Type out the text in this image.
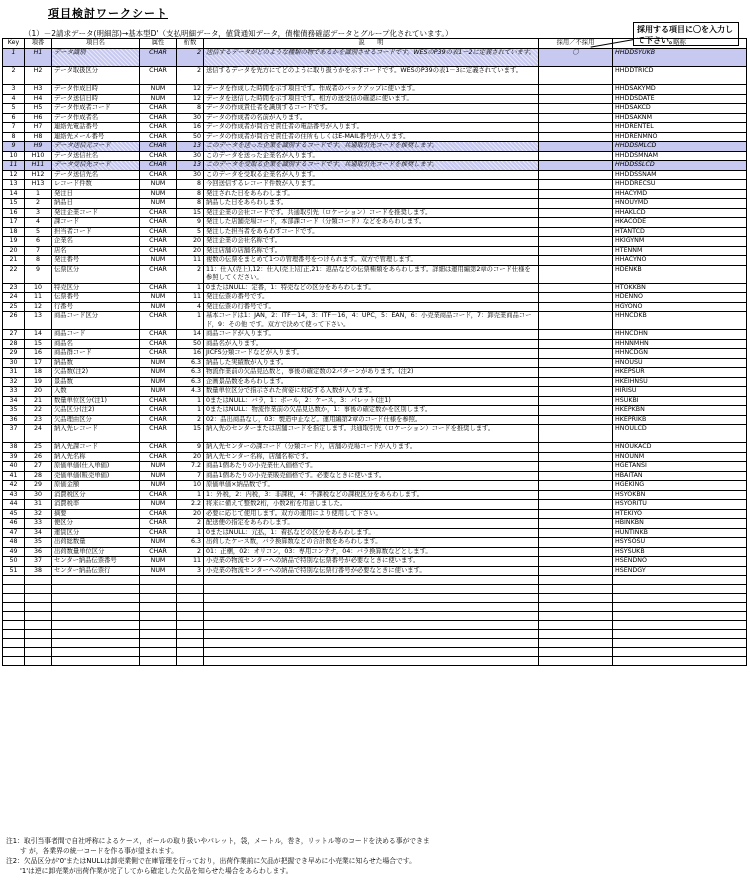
項目検討ワークシート
（1）－2請求データ(明細部)→基本型D'（支払明細データ，値貸通知データ，債権債務確認データとグループ化されています。）	採用する項目に〇を入力して下さい。
Key	項番	項目名	属性	桁数	説　　明	採用／不採用	略称
1	H1	データ識別	CHAR	2	送信するデータがどのような種類の物であるかを識別させるコードです。WESのP39の表1－2に定義されています。	〇	HHDDSYUKB
2	H2	データ取扱区分	CHAR	2	送信するデータを先方にてどのように取り扱うかを示すコードです。WESのP39の表1－3に定義されています。		HHDDTRICD
3	H3	データ作成日時	NUM	12	データを作成した時間を示す項目です。作成者のバックアップに使います。		HHDSAKYMD
4	H4	データ送信日時	NUM	12	データを送信した時間を示す項目です。相方の送受信の確認に使います。		HHDDSDATE
5	H5	データ作成者コード	CHAR	8	データの作成責任者を識別するコードです。		HHDSAKCD
6	H6	データ作成者名	CHAR	30	データの作成者の名前が入ります。		HHDSAKNM
7	H7	連絡先電話番号	CHAR	16	データの作成者が問合せ責任者の電話番号が入ります。		HHDRENTEL
8	H8	連絡先メール番号	CHAR	50	データの作成者が問合せ責任者の住所もしくはE-MAIL番号が入ります。		HHDRENMNO
9	H9	データ送信元コード	CHAR	13	このデータを送った企業を識別するコードです。共通取引先コードを推奨します。		HHDDSMLCD
10	H10	データ送信社名	CHAR	30	このデータを送った企業名が入ります。		HHDDSMNAM
11	H11	データ受信先コード	CHAR	13	このデータを受取る企業を識別するコードです。共通取引先コードを推奨します。		HHDDSSLCD
12	H12	データ送信先名	CHAR	30	このデータを受取る企業名が入ります。		HHDDSSNAM
13	H13	レコード件数	NUM	8	今回送信するレコード件数が入ります。		HHDDRECSU
14	1	発注日	NUM	8	発注された日をあらわします。		HHACYMD
15	2	納品日	NUM	8	納品した日をあらわします。		HNOUYMD
16	3	発注企業コード	CHAR	15	発注企業の会社コードです。共通取引先（ロケーション）コードを推奨します。		HHAKLCD
17	4	課コード	CHAR	9	発注した店舗売場コード，本部課コード（分類コード）などをあらわします。		HKACODE
18	5	担当者コード	CHAR	5	発注した担当者をあらわすコードです。		HTANTCD
19	6	企業名	CHAR	20	発注企業の会社名称です。		HKIGYNM
20	7	店名	CHAR	20	発注店舗の店舗名称です。		HTENNM
21	8	発注番号	NUM	11	複数の伝票をまとめて1つの管理番号をつけられます。双方で管理します。		HHACYNO
22	9	伝票区分	CHAR	2	11：仕入(売上),12：仕入(売上)訂正,21：返品などの伝票種類をあらわします。詳細は運用編第2章のコード仕様を参照してください。		HDENKB
23	10	特売区分	CHAR	1	0またはNULL：定番，1：特売などの区分をあらわします。		HTOKKBN
24	11	伝票番号	NUM	11	発注伝票の番号です。		HDENNO
25	12	行番号	NUM	4	発注伝票の行番号です。		HGYONO
26	13	商品コード区分	CHAR	1	基本コードは1：JAN，2：ITF－14，3：ITF－16，4：UPC，5：EAN，6：小売業商品コード，7：卸売業商品コード，9：その他 です。双方で決めて使って下さい。		HHNCDKB
27	14	商品コード	CHAR	14	商品コードが入ります。		HHNCDHN
28	15	商品名	CHAR	50	商品名が入ります。		HHNNMHN
29	16	商品群コード	CHAR	16	JICFS分類コードなどが入ります。		HHNCDGN
30	17	納品数	NUM	6.3	納品した実績数が入ります。		HNOUSU
31	18	欠品数(注2)	NUM	6.3	物流作業前の欠品見込数と，事後の確定数の2パターンがあります。(注2)		HKEPSUR
32	19	景品数	NUM	6.3	企画景品数をあらわします。		HKEIHNSU
33	20	入数	NUM	4.3	数量単位区分で指示された荷姿に対応する入数が入ります。		HIRISU
34	21	数量単位区分(注1)	CHAR	1	0またはNULL：バラ，1：ボール，2：ケース，3：パレット(注1)		HSUKBI
35	22	欠品区分(注2)	CHAR	1	0またはNULL：物流作業前の欠品見込数か，1：事後の確定数かを区別します。		HKEPKBN
36	23	欠品理由区分	CHAR	2	02：品出商品なし，03：製造中止など。運用編第2章のコード仕様を参照。		HKEPRIKB
37	24	納入先レコード	CHAR	15	納入先のセンターまたは店舗コードを指定します。共通取引先（ロケーション）コードを推奨します。		HNOULCD
38	25	納入先課コード	CHAR	9	納入先センターの課コード（分類コード），店舗の売場コードが入ります。		HNOUKACD
39	26	納入先名称	CHAR	20	納入先センター名称，店舗名称です。		HNOUNM
40	27	原価単価(仕入単価)	NUM	7.2	商品1個あたりの小売業仕入価格です。		HGETANSI
41	28	売価単価(販売単価)	NUM	7	商品1個あたりの小売業販売価格です。必要なときに使います。		HBAITAN
42	29	原価金額	NUM	10	原価単価×納品数です。		HGEKING
43	30	消費税区分	CHAR	1	1：外税，2：内税，3：非課税，4：不課税などの課税区分をあらわします。		HSYOKBN
44	31	消費税率	NUM	2.2	将来に備えて整数2桁，小数2桁を用意しました。		HSYORITU
45	32	摘要	CHAR	20	必要に応じて使用します。双方の運用により使用して下さい。		HTEKIYO
46	33	便区分	CHAR	2	配送便の指定をあらわします。		HBINKBN
47	34	運賃区分	CHAR	1	0またはNULL：元払，1：着払などの区分をあらわします。		HUNTINKB
48	35	出荷総数量	NUM	6.3	出荷したケース数，バラ換算数などの合計数をあらわします。		HSYSOSU
49	36	出荷数量単位区分	CHAR	2	01：正梱，02：オリコン，03：専用コンテナ，04：バラ換算数などとします。		HSYSUKB
50	37	センター納品伝票番号	NUM	11	小売業の物流センターへの納品で特別な伝票番号が必要なときに使います。		HSENDNO
51	38	センター納品伝票行	NUM	3	小売業の物流センターへの納品で特別な伝票行番号が必要なときに使います。		HSENDGY

注1：取引当事者間で自社呼称によるケース，ボールの取り扱いやパレット，袋，メートル，巻き，リットル等のコードを決める事ができま
す が，各業界の統一コードを作る事が望まれます。
注2：欠品区分が'0'またはNULLは卸売業側で在庫管理を行っており，出荷作業前に欠品が把握でき早めに小売業に知らせた場合です。
'1'は逆に卸売業が出荷作業が完了してから確定した欠品を知らせた場合をあらわします。
